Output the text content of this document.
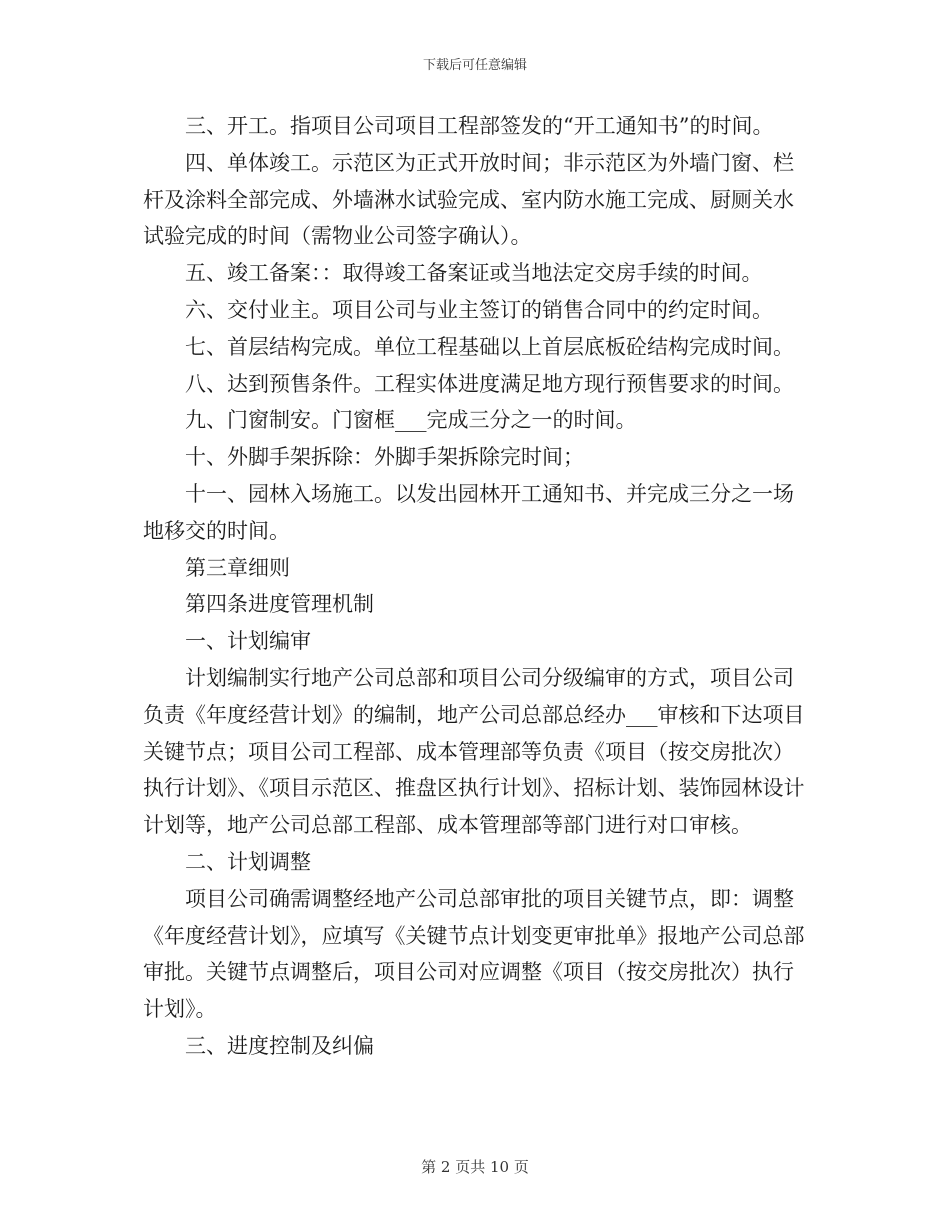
下载后可任意编辑

三、开工。指项目公司项目工程部签发的“开工通知书”的时间。

四、单体竣工。示范区为正式开放时间；非示范区为外墙门窗、栏杆及涂料全部完成、外墙淋水试验完成、室内防水施工完成、厨厕关水试验完成的时间（需物业公司签字确认）。

五、竣工备案：：取得竣工备案证或当地法定交房手续的时间。

六、交付业主。项目公司与业主签订的销售合同中的约定时间。

七、首层结构完成。单位工程基础以上首层底板砼结构完成时间。

八、达到预售条件。工程实体进度满足地方现行预售要求的时间。

九、门窗制安。门窗框___完成三分之一的时间。

十、外脚手架拆除：外脚手架拆除完时间；

十一、园林入场施工。以发出园林开工通知书、并完成三分之一场地移交的时间。

第三章细则

第四条进度管理机制

一、计划编审

计划编制实行地产公司总部和项目公司分级编审的方式，项目公司负责《年度经营计划》的编制，地产公司总部总经办___审核和下达项目关键节点；项目公司工程部、成本管理部等负责《项目（按交房批次）执行计划》、《项目示范区、推盘区执行计划》、招标计划、装饰园林设计计划等，地产公司总部工程部、成本管理部等部门进行对口审核。

二、计划调整

项目公司确需调整经地产公司总部审批的项目关键节点，即：调整《年度经营计划》，应填写《关键节点计划变更审批单》报地产公司总部审批。关键节点调整后，项目公司对应调整《项目（按交房批次）执行计划》。

三、进度控制及纠偏

第 2 页共 10 页
